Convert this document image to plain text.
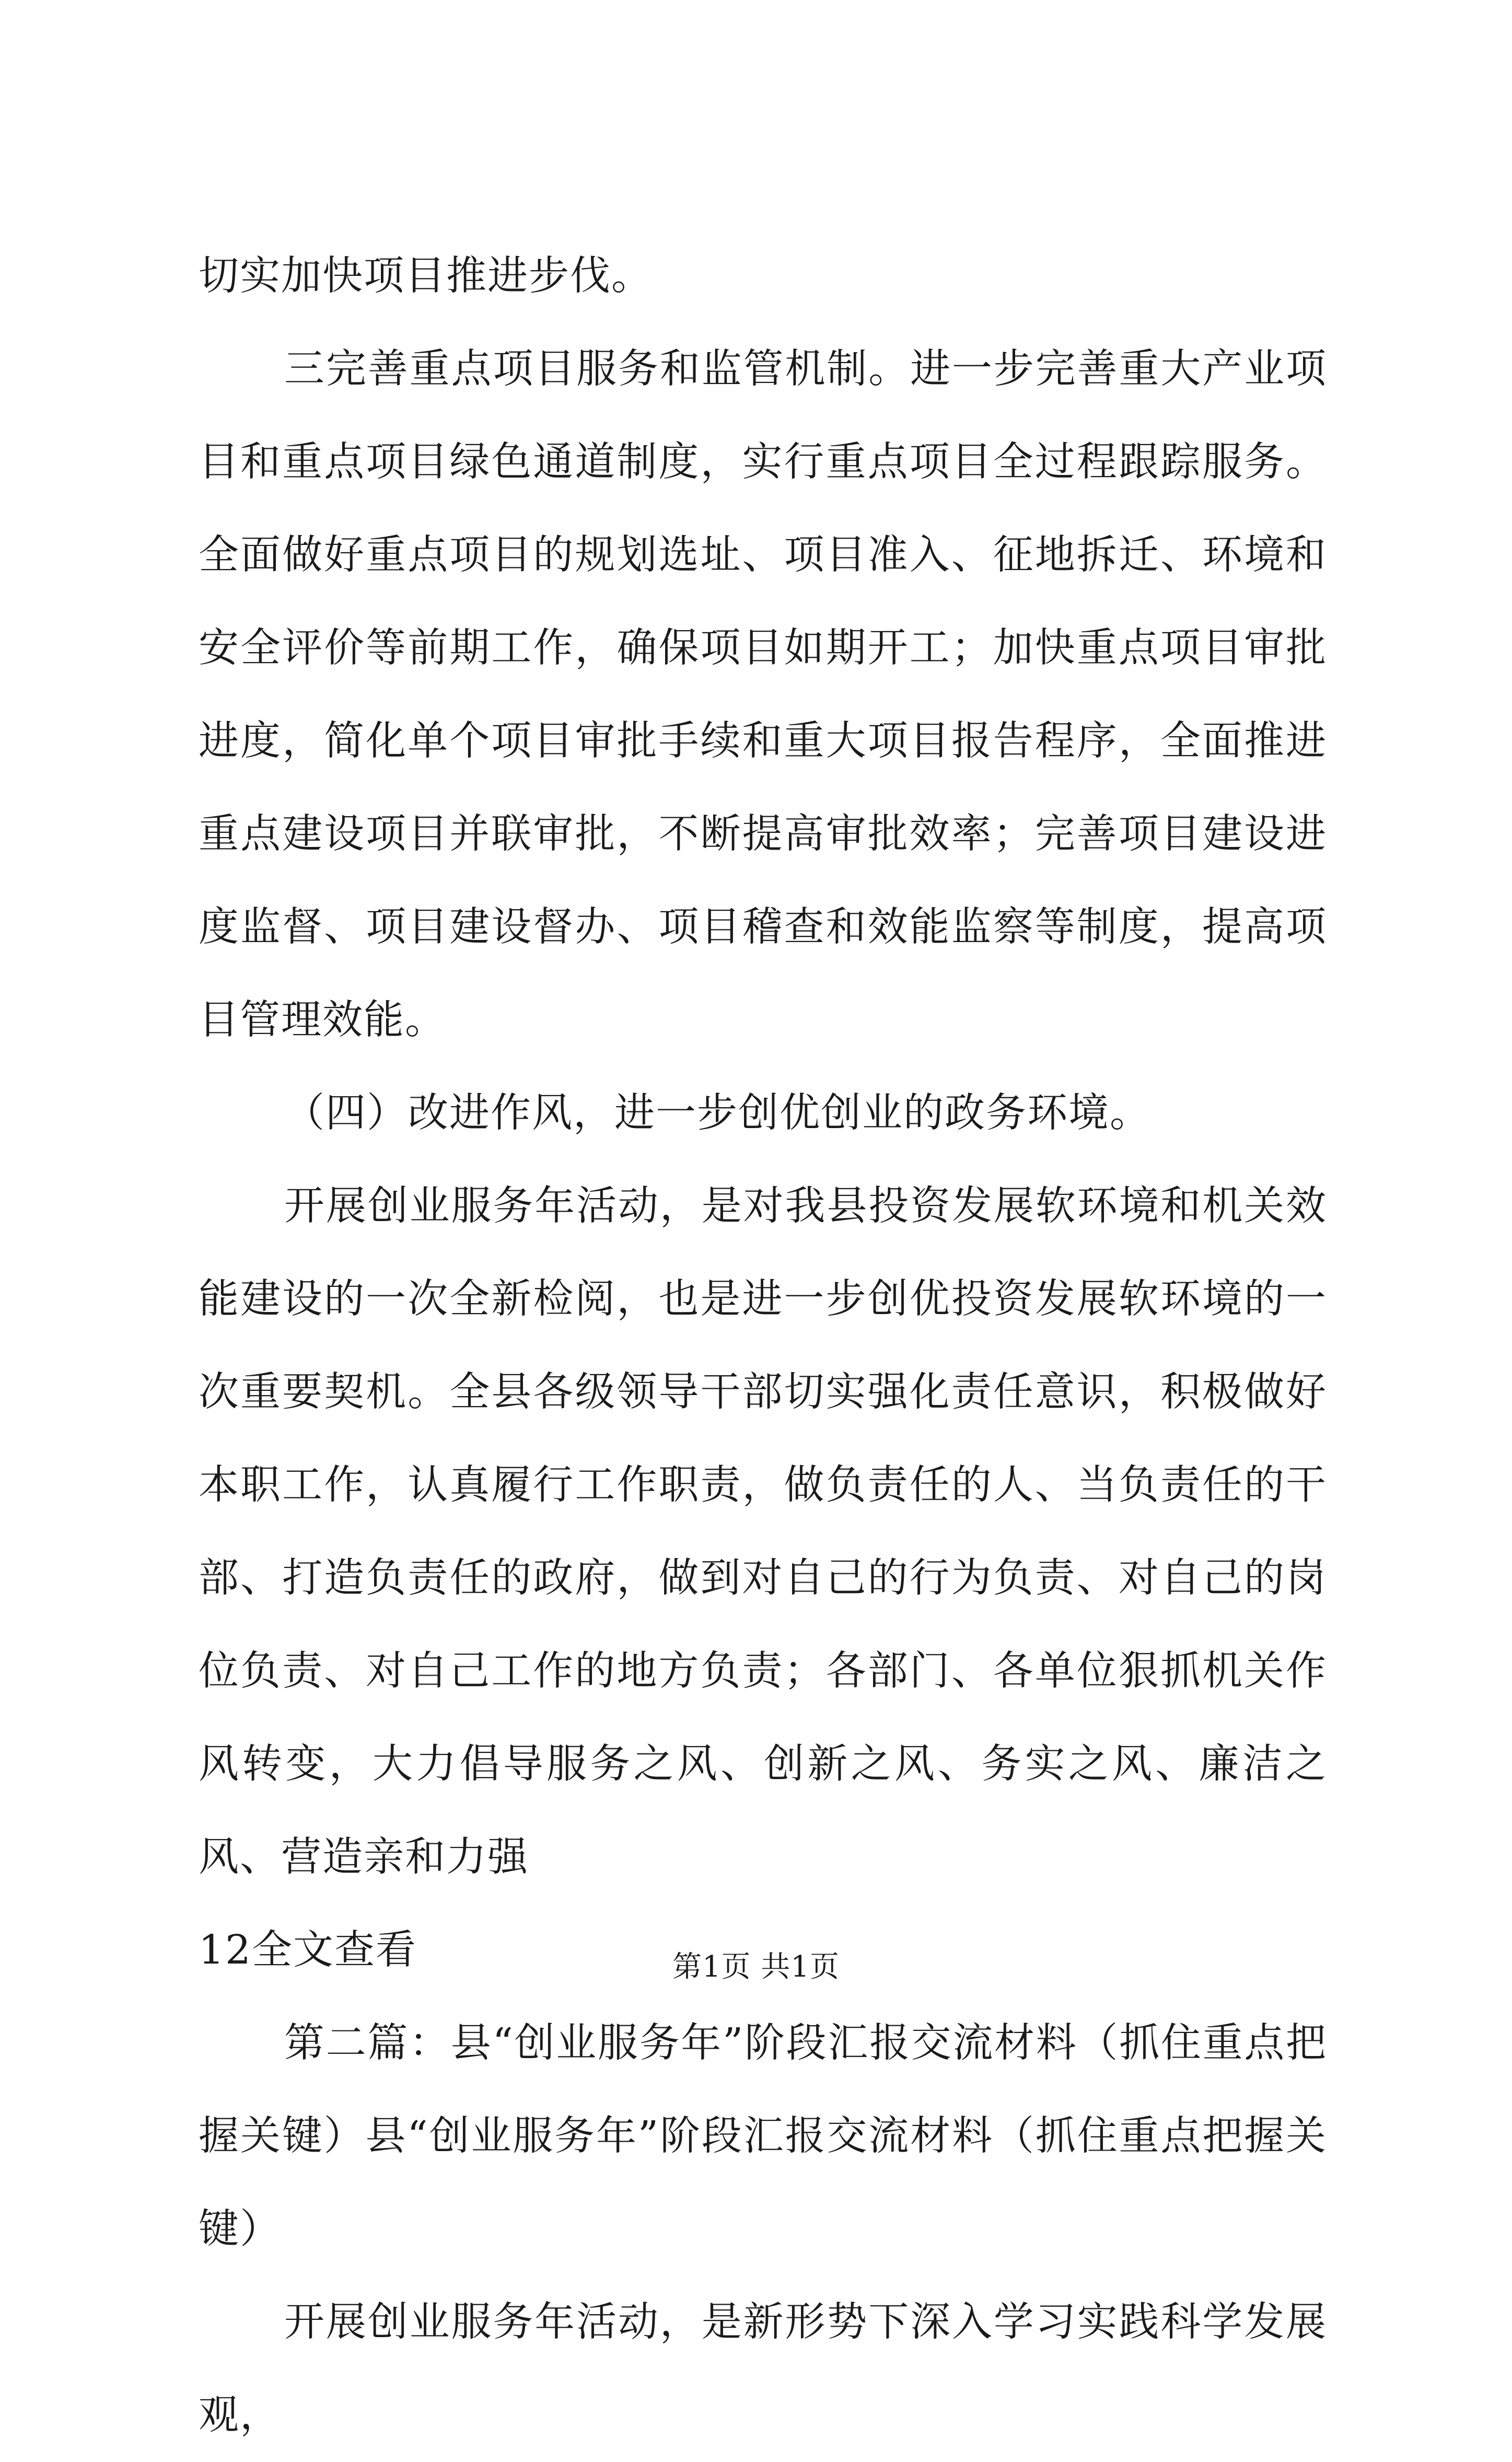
切实加快项目推进步伐。

三完善重点项目服务和监管机制。进一步完善重大产业项目和重点项目绿色通道制度，实行重点项目全过程跟踪服务。全面做好重点项目的规划选址、项目准入、征地拆迁、环境和安全评价等前期工作，确保项目如期开工；加快重点项目审批进度，简化单个项目审批手续和重大项目报告程序，全面推进重点建设项目并联审批，不断提高审批效率；完善项目建设进度监督、项目建设督办、项目稽查和效能监察等制度，提高项目管理效能。

（四）改进作风，进一步创优创业的政务环境。

开展创业服务年活动，是对我县投资发展软环境和机关效能建设的一次全新检阅，也是进一步创优投资发展软环境的一次重要契机。全县各级领导干部切实强化责任意识，积极做好本职工作，认真履行工作职责，做负责任的人、当负责任的干部、打造负责任的政府，做到对自己的行为负责、对自己的岗位负责、对自己工作的地方负责；各部门、各单位狠抓机关作风转变，大力倡导服务之风、创新之风、务实之风、廉洁之风、营造亲和力强

12全文查看

第二篇：县“创业服务年”阶段汇报交流材料（抓住重点把握关键）县“创业服务年”阶段汇报交流材料（抓住重点把握关键）

开展创业服务年活动，是新形势下深入学习实践科学发展观，

第1页 共1页
